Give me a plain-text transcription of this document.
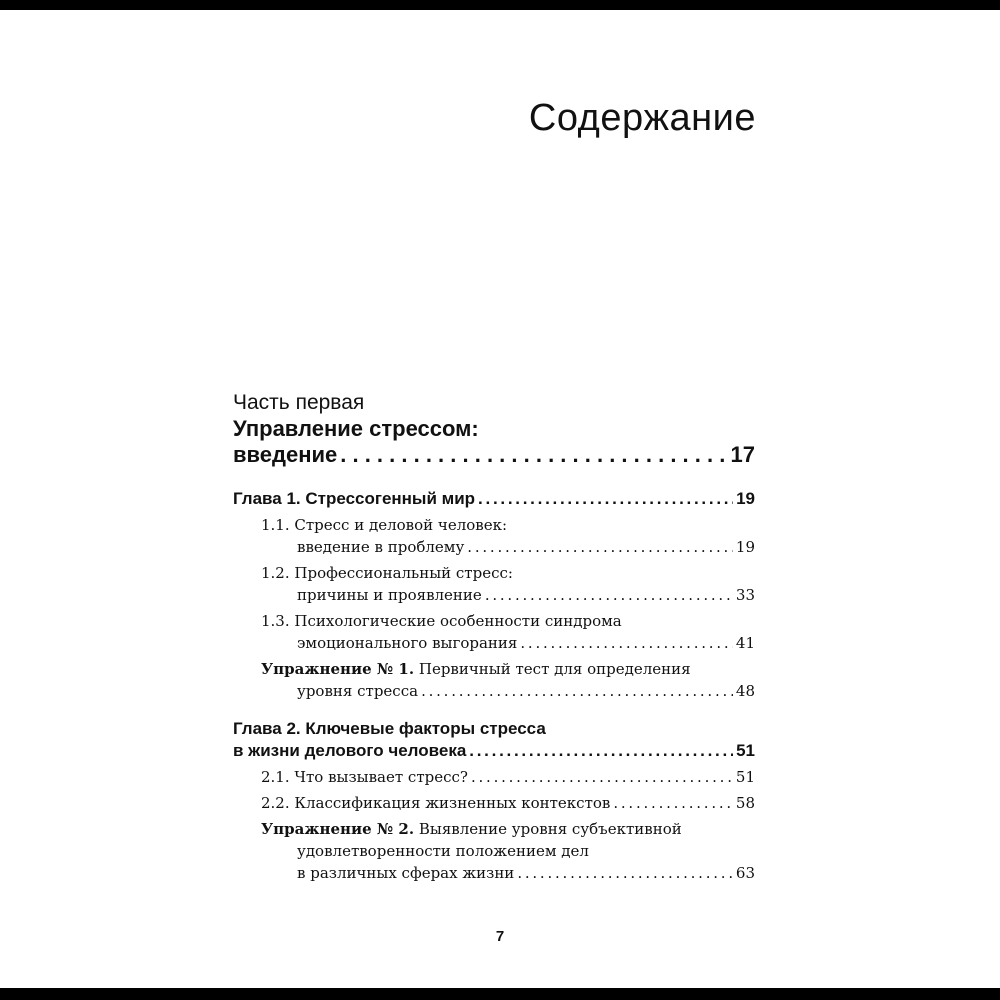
Содержание
Часть первая
Управление стрессом:
введение . . .	17
Глава 1. Стрессогенный мир . . .	19
1.1. Стресс и деловой человек:
введение в проблему . . .	19
1.2. Профессиональный стресс:
причины и проявление . . .	33
1.3. Психологические особенности синдрома
эмоционального выгорания . . .	41
Упражнение № 1. Первичный тест для определения
уровня стресса . . .	48
Глава 2. Ключевые факторы стресса
в жизни делового человека . . .	51
2.1. Что вызывает стресс? . . .	51
2.2. Классификация жизненных контекстов . . .	58
Упражнение № 2. Выявление уровня субъективной
удовлетворенности положением дел
в различных сферах жизни . . .	63
7
